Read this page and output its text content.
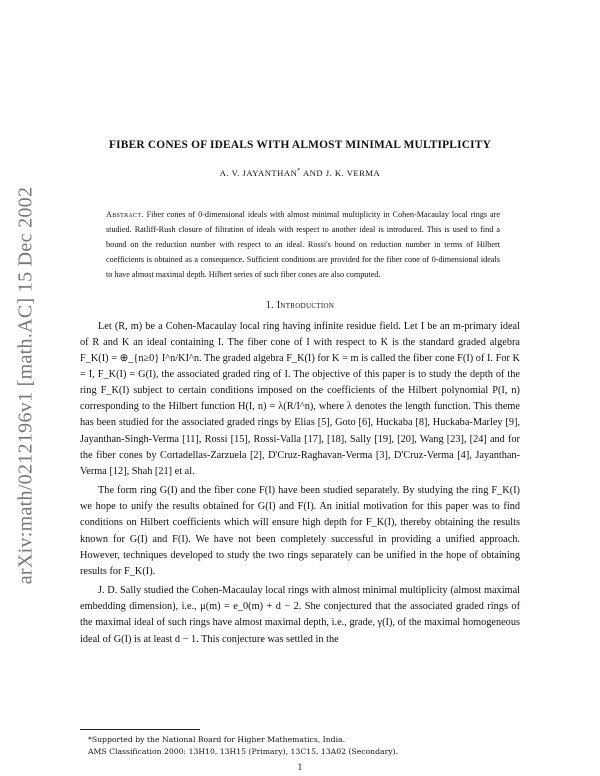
arXiv:math/0212196v1 [math.AC] 15 Dec 2002
FIBER CONES OF IDEALS WITH ALMOST MINIMAL MULTIPLICITY
A. V. JAYANTHAN* AND J. K. VERMA
Abstract. Fiber cones of 0-dimensional ideals with almost minimal multiplicity in Cohen-Macaulay local rings are studied. Ratliff-Rush closure of filtration of ideals with respect to another ideal is introduced. This is used to find a bound on the reduction number with respect to an ideal. Rossi's bound on reduction number in terms of Hilbert coefficients is obtained as a consequence. Sufficient conditions are provided for the fiber cone of 0-dimensional ideals to have almost maximal depth. Hilbert series of such fiber cones are also computed.
1. Introduction

Let (R, m) be a Cohen-Macaulay local ring having infinite residue field. Let I be an m-primary ideal of R and K an ideal containing I. The fiber cone of I with respect to K is the standard graded algebra F_K(I) = ⊕_{n≥0} I^n/KI^n. The graded algebra F_K(I) for K = m is called the fiber cone F(I) of I. For K = I, F_K(I) = G(I), the associated graded ring of I. The objective of this paper is to study the depth of the ring F_K(I) subject to certain conditions imposed on the coefficients of the Hilbert polynomial P(I, n) corresponding to the Hilbert function H(I, n) = λ(R/I^n), where λ denotes the length function. This theme has been studied for the associated graded rings by Elias [5], Goto [6], Huckaba [8], Huckaba-Marley [9], Jayanthan-Singh-Verma [11], Rossi [15], Rossi-Valla [17], [18], Sally [19], [20], Wang [23], [24] and for the fiber cones by Cortadellas-Zarzuela [2], D'Cruz-Raghavan-Verma [3], D'Cruz-Verma [4], Jayanthan-Verma [12], Shah [21] et al.

The form ring G(I) and the fiber cone F(I) have been studied separately. By studying the ring F_K(I) we hope to unify the results obtained for G(I) and F(I). An initial motivation for this paper was to find conditions on Hilbert coefficients which will ensure high depth for F_K(I), thereby obtaining the results known for G(I) and F(I). We have not been completely successful in providing a unified approach. However, techniques developed to study the two rings separately can be unified in the hope of obtaining results for F_K(I).

J. D. Sally studied the Cohen-Macaulay local rings with almost minimal multiplicity (almost maximal embedding dimension), i.e., μ(m) = e_0(m) + d − 2. She conjectured that the associated graded rings of the maximal ideal of such rings have almost maximal depth, i.e., grade, γ(I), of the maximal homogeneous ideal of G(I) is at least d − 1. This conjecture was settled in the

*Supported by the National Board for Higher Mathematics, India.
AMS Classification 2000: 13H10, 13H15 (Primary), 13C15, 13A02 (Secondary).
1
